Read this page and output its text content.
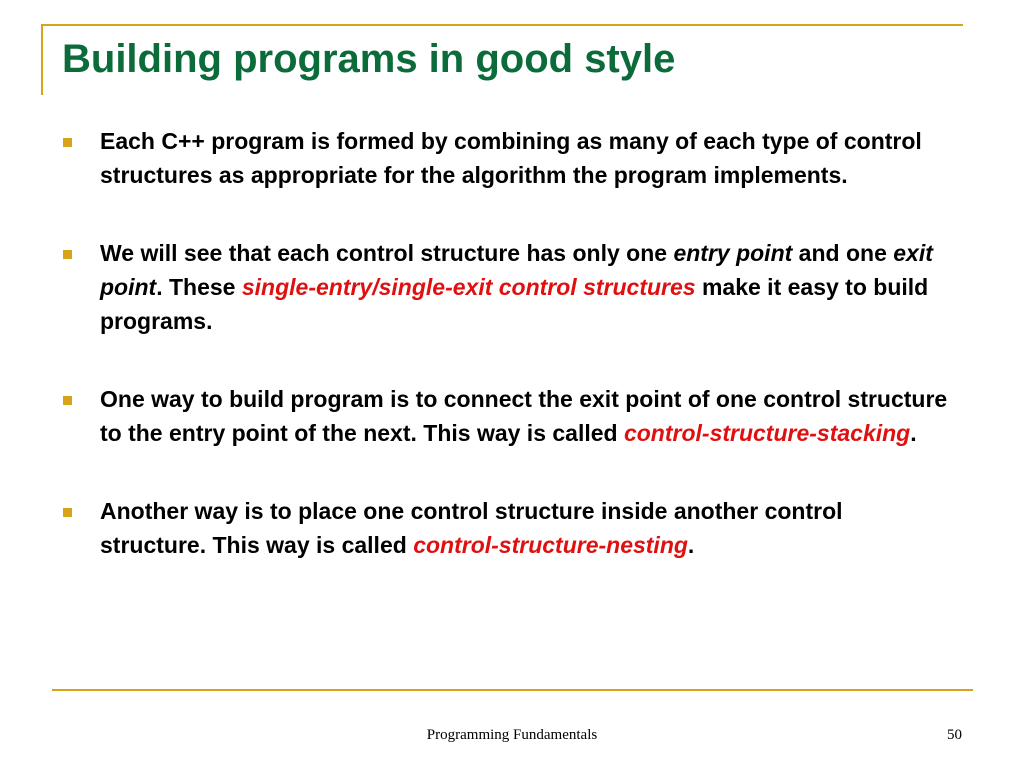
Building programs in good style
Each C++ program is formed by combining as many of each type of control structures as appropriate for the algorithm the program implements.
We will see that each control structure has only one entry point and one exit point. These single-entry/single-exit control structures make it easy to build programs.
One way to build program is to connect the exit point of one control structure to the entry point of the next. This way is called control-structure-stacking.
Another way is to place one control structure inside another control structure. This way is called control-structure-nesting.
Programming Fundamentals	50
